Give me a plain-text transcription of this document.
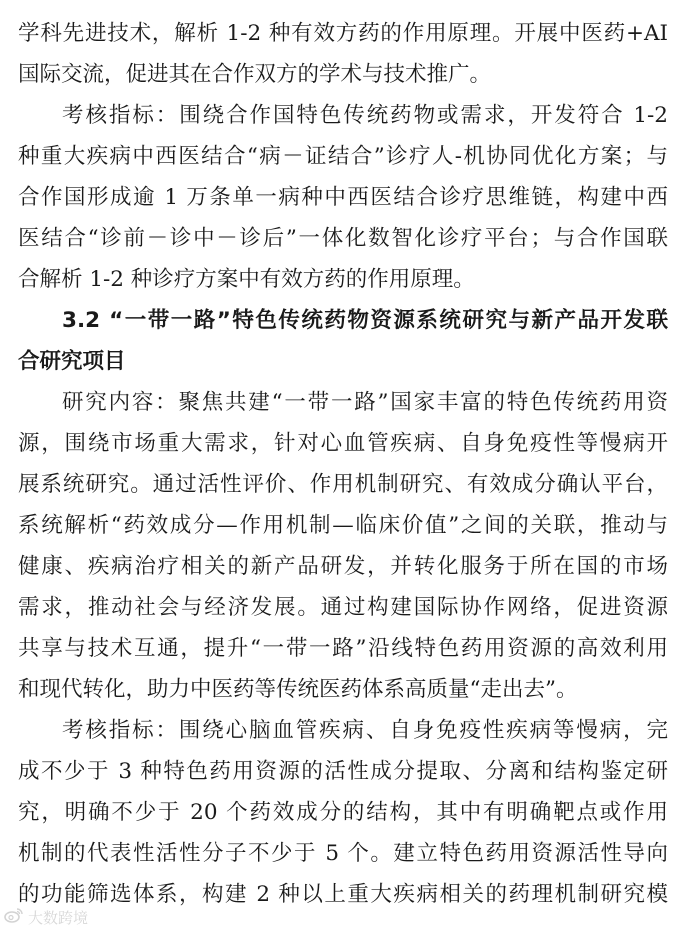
学科先进技术，解析 1-2 种有效方药的作用原理。开展中医药+AI
国际交流，促进其在合作双方的学术与技术推广。
考核指标：围绕合作国特色传统药物或需求，开发符合 1-2
种重大疾病中西医结合“病－证结合”诊疗人-机协同优化方案；与
合作国形成逾 1 万条单一病种中西医结合诊疗思维链，构建中西
医结合“诊前－诊中－诊后”一体化数智化诊疗平台；与合作国联
合解析 1-2 种诊疗方案中有效方药的作用原理。
3.2 “一带一路”特色传统药物资源系统研究与新产品开发联
合研究项目
研究内容：聚焦共建“一带一路”国家丰富的特色传统药用资
源，围绕市场重大需求，针对心血管疾病、自身免疫性等慢病开
展系统研究。通过活性评价、作用机制研究、有效成分确认平台，
系统解析“药效成分—作用机制—临床价值”之间的关联，推动与
健康、疾病治疗相关的新产品研发，并转化服务于所在国的市场
需求，推动社会与经济发展。通过构建国际协作网络，促进资源
共享与技术互通，提升“一带一路”沿线特色药用资源的高效利用
和现代转化，助力中医药等传统医药体系高质量“走出去”。
考核指标：围绕心脑血管疾病、自身免疫性疾病等慢病，完
成不少于 3 种特色药用资源的活性成分提取、分离和结构鉴定研
究，明确不少于 20 个药效成分的结构，其中有明确靶点或作用
机制的代表性活性分子不少于 5 个。建立特色药用资源活性导向
的功能筛选体系，构建 2 种以上重大疾病相关的药理机制研究模
大数跨境
